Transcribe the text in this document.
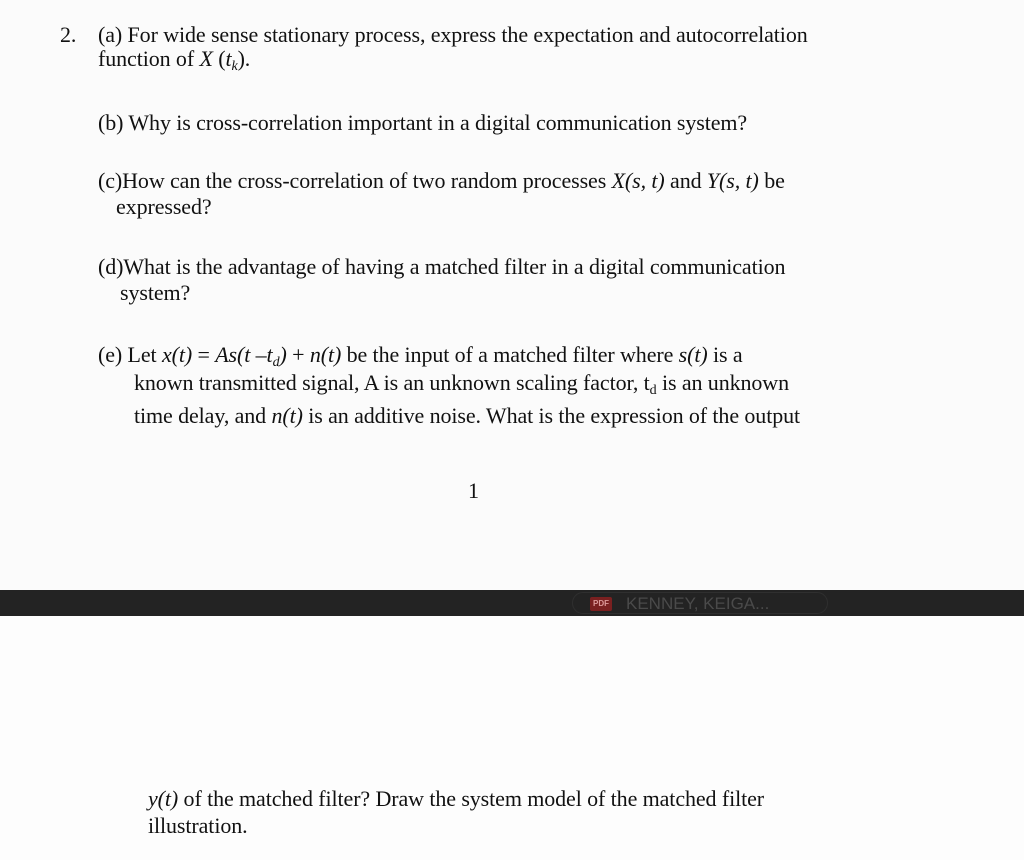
2. (a) For wide sense stationary process, express the expectation and autocorrelation
function of X $(t_k)$.
(b) Why is cross-correlation important in a digital communication system?
(c)How can the cross-correlation of two random processes X(s, t) and Y(s, t) be
expressed?
(d)What is the advantage of having a matched filter in a digital communication
system?
(e) Let x(t) = As(t $-t_d) + n(t)$ be the input of a matched filter where s(t) is a
known transmitted signal, A is an unknown scaling factor, $t_d$ is an unknown
time delay, and n(t) is an additive noise. What is the expression of the output
1
PDF KENNEY, KEIGA...
y(t) of the matched filter? Draw the system model of the matched filter
illustration.
